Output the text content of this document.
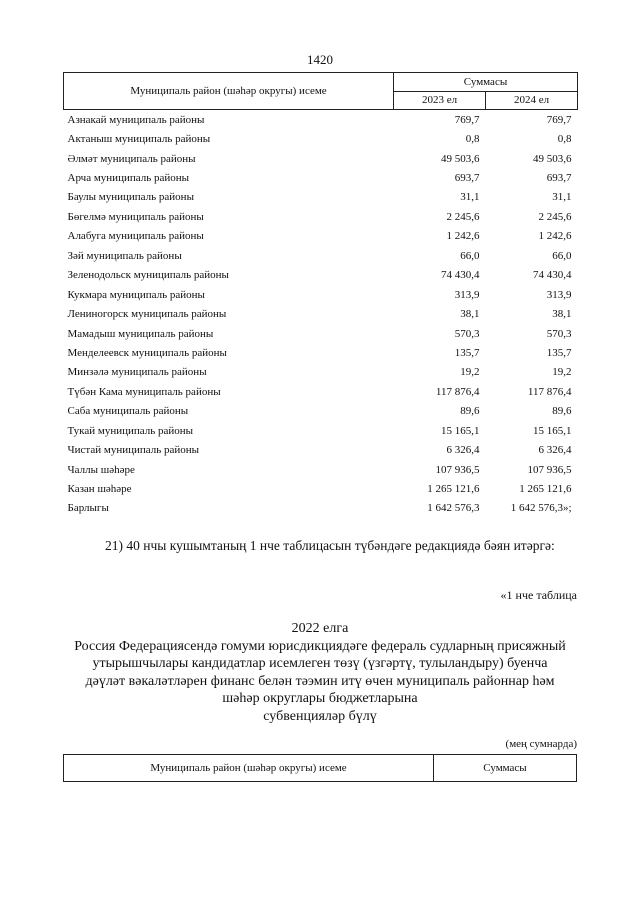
1420
Муниципаль район (шәһәр округы) исеме	Суммасы	
	2023 ел	2024 ел
Азнакай муниципаль районы	769,7	769,7
Актаныш муниципаль районы	0,8	0,8
Әлмәт муниципаль районы	49 503,6	49 503,6
Арча муниципаль районы	693,7	693,7
Баулы муниципаль районы	31,1	31,1
Бөгелмә муниципаль районы	2 245,6	2 245,6
Алабуга муниципаль районы	1 242,6	1 242,6
Зәй муниципаль районы	66,0	66,0
Зеленодольск муниципаль районы	74 430,4	74 430,4
Кукмара муниципаль районы	313,9	313,9
Лениногорск муниципаль районы	38,1	38,1
Мамадыш муниципаль районы	570,3	570,3
Менделеевск муниципаль районы	135,7	135,7
Минзәлә муниципаль районы	19,2	19,2
Түбән Кама муниципаль районы	117 876,4	117 876,4
Саба муниципаль районы	89,6	89,6
Тукай муниципаль районы	15 165,1	15 165,1
Чистай муниципаль районы	6 326,4	6 326,4
Чаллы шәһәре	107 936,5	107 936,5
Казан шәһәре	1 265 121,6	1 265 121,6
Барлыгы	1 642 576,3	1 642 576,3»;
21) 40 нчы кушымтаның 1 нче таблицасын түбәндәге редакциядә бәян итәргә:
«1 нче таблица
2022 елга
Россия Федерациясендә гомуми юрисдикциядәге федераль судларның присяжный
утырышчылары кандидатлар исемлеген төзү (үзгәртү, тулыландыру) буенча
дәүләт вәкаләтләрен финанс белән тәэмин итү өчен муниципаль районнар һәм
шәһәр округлары бюджетларына
субвенцияләр бүлү
(мең сумнарда)
Муниципаль район (шәһәр округы) исеме	Суммасы
